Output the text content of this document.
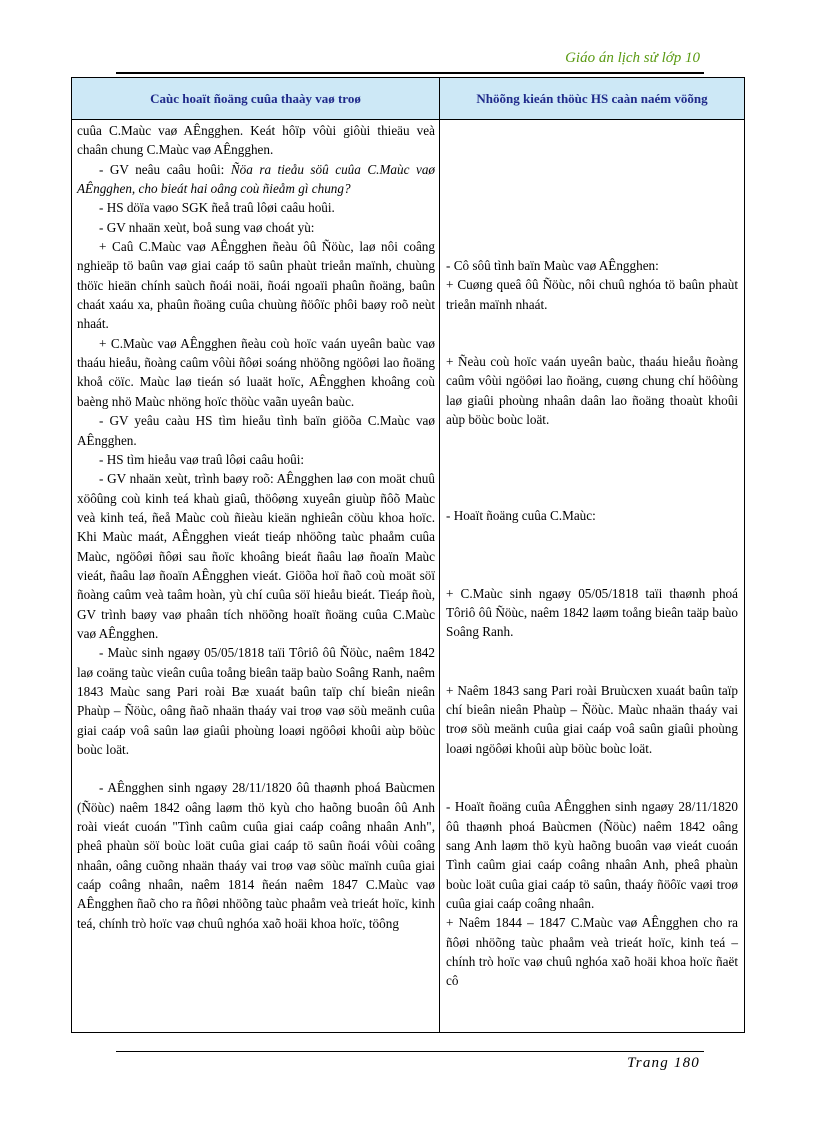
Giáo án lịch sử lớp 10
Caùc hoaït ñoäng cuûa thaày vaø troø	Nhöõng kieán thöùc HS caàn naém vöõng

cuûa C.Maùc vaø AÊngghen. Keát hôïp vôùi giôùi thieäu veà chaân chung C.Maùc vaø AÊngghen.

- GV neâu caâu hoûi: Ñöa ra tieåu söû cuûa C.Maùc vaø AÊngghen, cho bieát hai oâng coù ñieåm gì chung?

- HS döïa vaøo SGK ñeå traû lôøi caâu hoûi.

- GV nhaän xeùt, boå sung vaø choát yù:

+ Caû C.Maùc vaø AÊngghen ñeàu ôû Ñöùc, laø nôi coâng nghieäp tö baûn vaø giai caáp tö saûn phaùt trieån maïnh, chuùng thöïc hieän chính saùch ñoái noäi, ñoái ngoaïi phaûn ñoäng, baûn chaát xaáu xa, phaûn ñoäng cuûa chuùng ñöôïc phôi baøy roõ neùt nhaát.

+ C.Maùc vaø AÊngghen ñeàu coù hoïc vaán uyeân baùc vaø thaáu hieåu, ñoàng caûm vôùi ñôøi soáng nhöõng ngöôøi lao ñoäng khoå cöïc. Maùc laø tieán só luaät hoïc, AÊngghen khoâng coù baèng nhö Maùc nhöng hoïc thöùc vaãn uyeân baùc.

- GV yeâu caàu HS tìm hieåu tình baïn giöõa C.Maùc vaø AÊngghen.

- HS tìm hieåu vaø traû lôøi caâu hoûi:

- GV nhaän xeùt, trình baøy roõ: AÊngghen laø con moät chuû xöôûng coù kinh teá khaù giaû, thöôøng xuyeân giuùp ñôõ Maùc veà kinh teá, ñeå Maùc coù ñieàu kieän nghieân cöùu khoa hoïc. Khi Maùc maát, AÊngghen vieát tieáp nhöõng taùc phaåm cuûa Maùc, ngöôøi ñôøi sau ñoïc khoâng bieát ñaâu laø ñoaïn Maùc vieát, ñaâu laø ñoaïn AÊngghen vieát. Giöõa hoï ñaõ coù moät söï ñoàng caûm veà taâm hoàn, yù chí cuûa söï hieåu bieát. Tieáp ñoù, GV trình baøy vaø phaân tích nhöõng hoaït ñoäng cuûa C.Maùc vaø AÊngghen.

- Maùc sinh ngaøy 05/05/1818 taïi Tôriô ôû Ñöùc, naêm 1842 laø coäng taùc vieân cuûa toång bieân taäp baùo Soâng Ranh, naêm 1843 Maùc sang Pari roài Bæ xuaát baûn taïp chí bieân nieân Phaùp – Ñöùc, oâng ñaõ nhaän thaáy vai troø vaø söù meänh cuûa giai caáp voâ saûn laø giaûi phoùng loaøi ngöôøi khoûi aùp böùc boùc loät.

- AÊngghen sinh ngaøy 28/11/1820 ôû thaønh phoá Baùcmen (Ñöùc) naêm 1842 oâng laøm thö kyù cho haõng buoân ôû Anh roài vieát cuoán "Tình caûm cuûa giai caáp coâng nhaân Anh", pheâ phaùn söï boùc loät cuûa giai caáp tö saûn ñoái vôùi coâng nhaân, oâng cuõng nhaän thaáy vai troø vaø söùc maïnh cuûa giai caáp coâng nhaân, naêm 1814 ñeán naêm 1847 C.Maùc vaø AÊngghen ñaõ cho ra ñôøi nhöõng taùc phaåm veà trieát hoïc, kinh teá, chính trò hoïc vaø chuû nghóa xaõ hoäi khoa hoïc, töông

- Cô sôû tình baïn Maùc vaø AÊngghen:

+ Cuøng queâ ôû Ñöùc, nôi chuû nghóa tö baûn phaùt trieån maïnh nhaát.

+ Ñeàu coù hoïc vaán uyeân baùc, thaáu hieåu ñoàng caûm vôùi ngöôøi lao ñoäng, cuøng chung chí höôùng laø giaûi phoùng nhaân daân lao ñoäng thoaùt khoûi aùp böùc boùc loät.

- Hoaït ñoäng cuûa C.Maùc:

+ C.Maùc sinh ngaøy 05/05/1818 taïi thaønh phoá Tôriô ôû Ñöùc, naêm 1842 laøm toång bieân taäp baùo Soâng Ranh.

+ Naêm 1843 sang Pari roài Bruùcxen xuaát baûn taïp chí bieân nieân Phaùp – Ñöùc. Maùc nhaän thaáy vai troø söù meänh cuûa giai caáp voâ saûn giaûi phoùng loaøi ngöôøi khoûi aùp böùc boùc loät.

- Hoaït ñoäng cuûa AÊngghen sinh ngaøy 28/11/1820 ôû thaønh phoá Baùcmen (Ñöùc) naêm 1842 oâng sang Anh laøm thö kyù haõng buoân vaø vieát cuoán Tình caûm giai caáp coâng nhaân Anh, pheâ phaùn boùc loät cuûa giai caáp tö saûn, thaáy ñöôïc vaøi troø cuûa giai caáp coâng nhaân.

+ Naêm 1844 – 1847 C.Maùc vaø AÊngghen cho ra ñôøi nhöõng taùc phaåm veà trieát hoïc, kinh teá – chính trò hoïc vaø chuû nghóa xaõ hoäi khoa hoïc ñaët cô

Trang 180
